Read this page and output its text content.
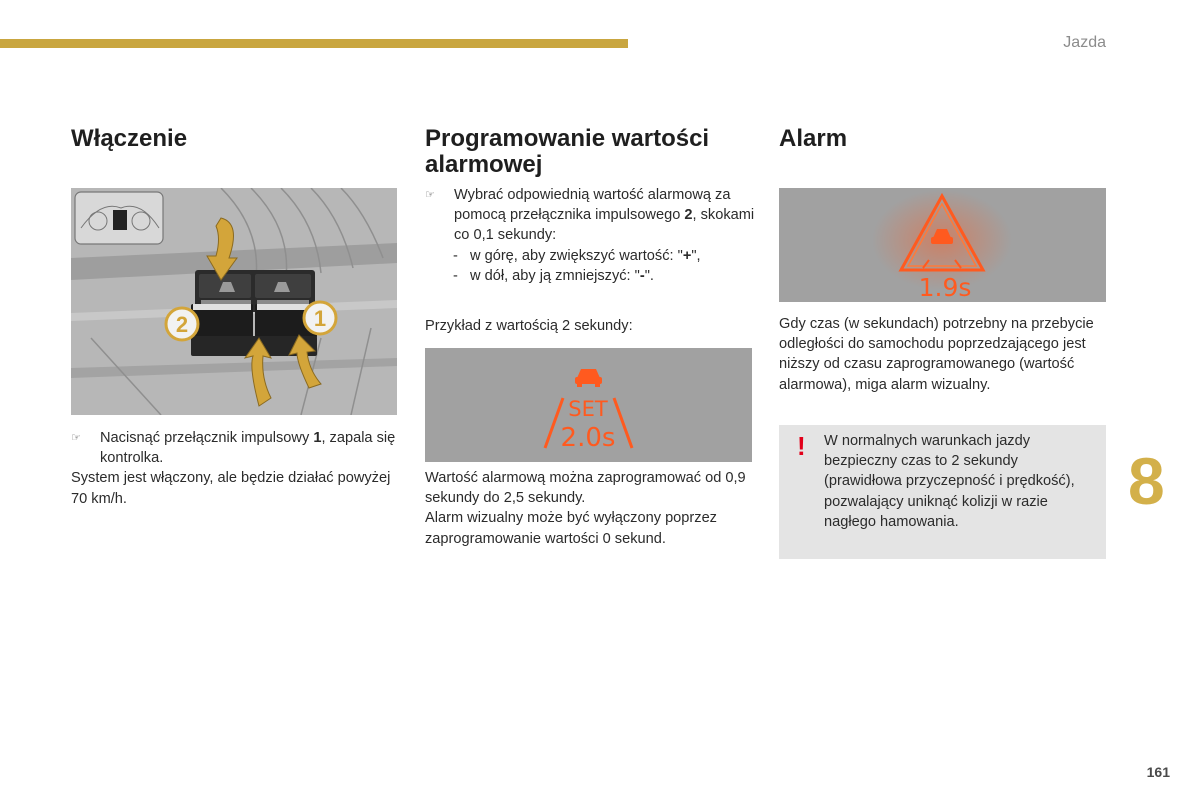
Jazda
Włączenie
2	1

☞ Nacisnąć przełącznik impulsowy 1, zapala się kontrolka.

System jest włączony, ale będzie działać powyżej 70 km/h.

Programowanie wartości alarmowej

☞ Wybrać odpowiednią wartość alarmową za pomocą przełącznika impulsowego 2, skokami co 0,1 sekundy:

- w górę, aby zwiększyć wartość: "+",

- w dół, aby ją zmniejszyć: "-".

Przykład z wartością 2 sekundy:
SET
2.0s

Wartość alarmową można zaprogramować od 0,9 sekundy do 2,5 sekundy.

Alarm wizualny może być wyłączony poprzez zaprogramowanie wartości 0 sekund.

Alarm
1.9s
Gdy czas (w sekundach) potrzebny na przebycie odległości do samochodu poprzedzającego jest niższy od czasu zaprogramowanego (wartość alarmowa), miga alarm wizualny.
! W normalnych warunkach jazdy bezpieczny czas to 2 sekundy (prawidłowa przyczepność i prędkość), pozwalający uniknąć kolizji w razie nagłego hamowania.
8
161
